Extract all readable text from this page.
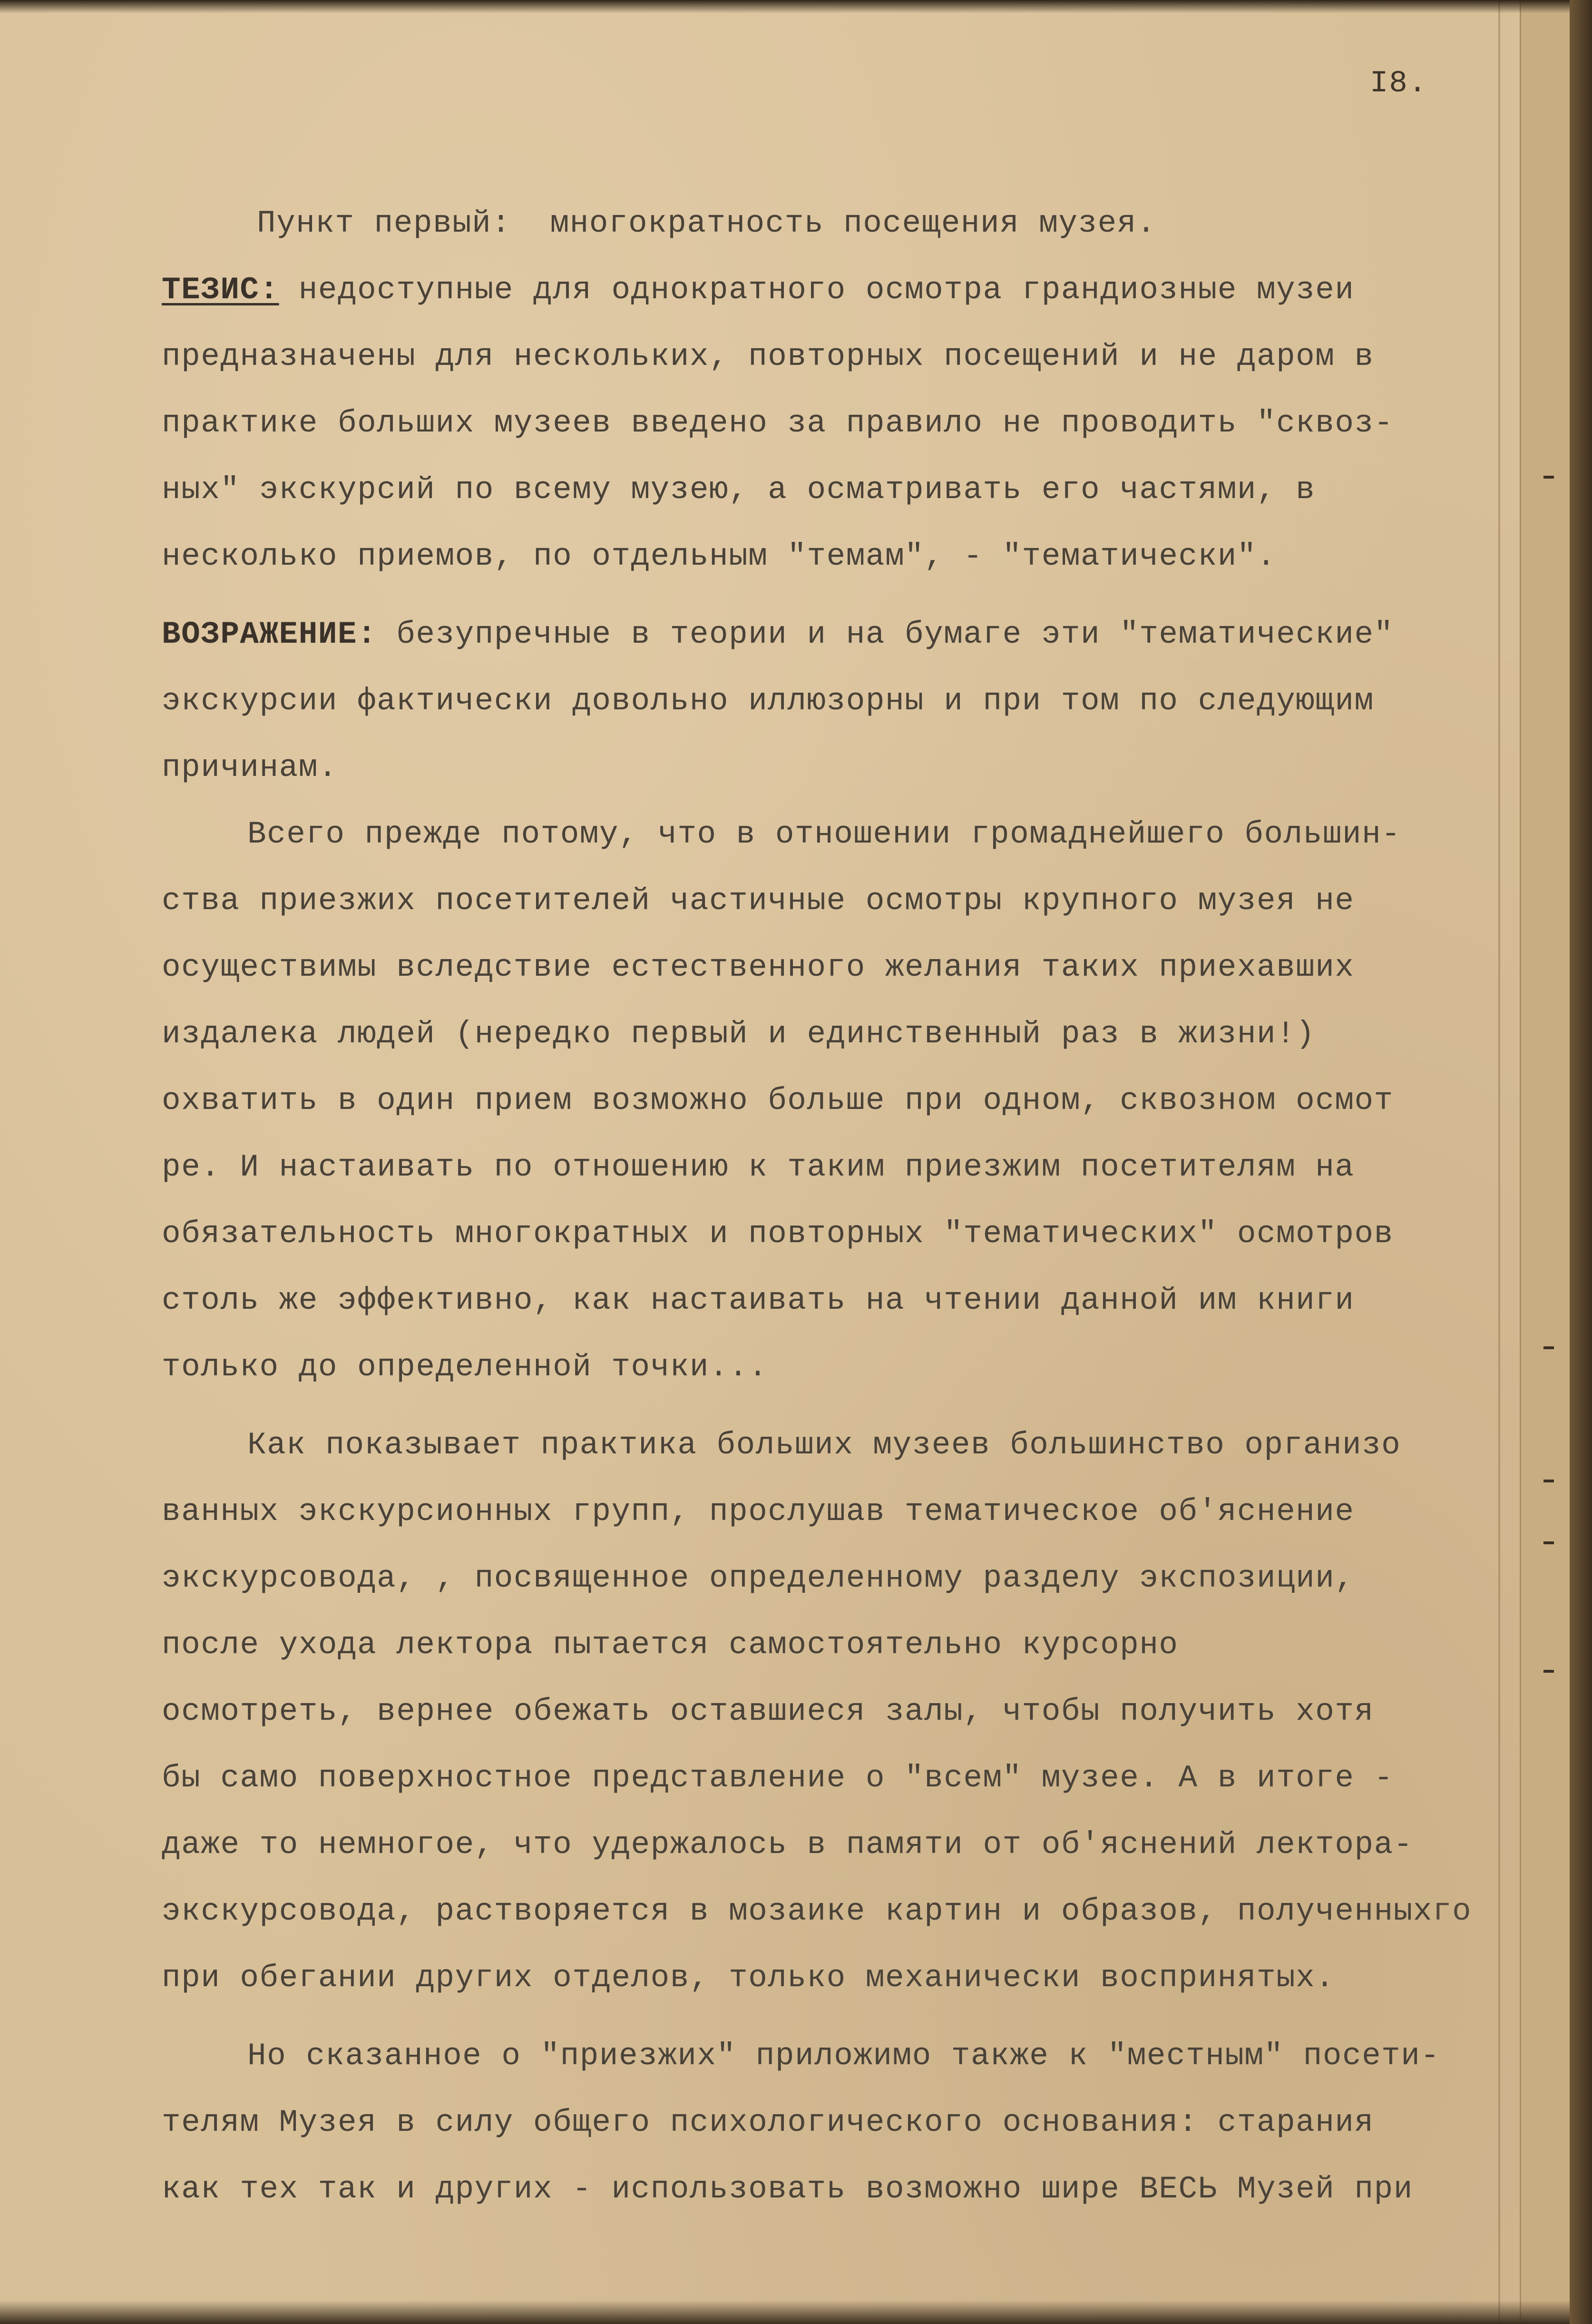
I8.
Пункт первый:  многократность посещения музея.
ТЕЗИС: недоступные для однократного осмотра грандиозные музеи
предназначены для нескольких, повторных посещений и не даром в
практике больших музеев введено за правило не проводить "сквоз-
ных" экскурсий по всему музею, а осматривать его частями, в
несколько приемов, по отдельным "темам", - "тематически".
ВОЗРАЖЕНИЕ: безупречные в теории и на бумаге эти "тематические"
экскурсии фактически довольно иллюзорны и при том по следующим
причинам.
Всего прежде потому, что в отношении громаднейшего большин-
ства приезжих посетителей частичные осмотры крупного музея не
осуществимы вследствие естественного желания таких приехавших
издалека людей (нередко первый и единственный раз в жизни!)
охватить в один прием возможно больше при одном, сквозном осмот
ре. И настаивать по отношению к таким приезжим посетителям на
обязательность многократных и повторных "тематических" осмотров
столь же эффективно, как настаивать на чтении данной им книги
только до определенной точки...
Как показывает практика больших музеев большинство организо
ванных экскурсионных групп, прослушав тематическое об'яснение
экскурсовода, , посвященное определенному разделу экспозиции,
после ухода лектора пытается самостоятельно курсорно
осмотреть, вернее обежать оставшиеся залы, чтобы получить хотя
бы само поверхностное представление о "всем" музее. А в итоге -
даже то немногое, что удержалось в памяти от об'яснений лектора-
экскурсовода, растворяется в мозаике картин и образов, полученныхго
при обегании других отделов, только механически воспринятых.
Но сказанное о "приезжих" приложимо также к "местным" посети-
телям Музея в силу общего психологического основания: старания
как тех так и других - использовать возможно шире ВЕСЬ Музей при
